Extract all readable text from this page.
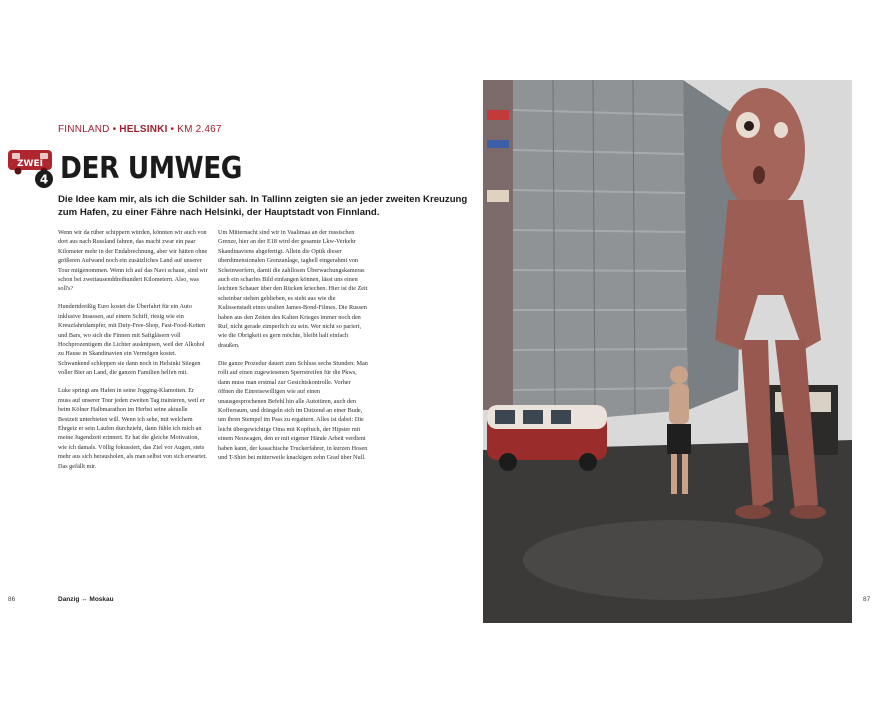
FINNLAND • HELSINKI • KM 2.467
ZWEI
4 DER UMWEG
Die Idee kam mir, als ich die Schilder sah. In Tallinn zeigten sie an jeder zweiten Kreuzung zum Hafen, zu einer Fähre nach Helsinki, der Hauptstadt von Finnland.

Wenn wir da rüber schippern würden, könnten wir auch von dort aus nach Russland fahren, das macht zwar ein paar Kilometer mehr in der Endabrechnung, aber wir hätten ohne größeren Aufwand noch ein zusätzliches Land auf unserer Tour mitgenommen. Wenn ich auf das Navi schaue, sind wir schon bei zweitausenddreihundert Kilometern. Also, was soll's?

Hundertdreißig Euro kostet die Überfahrt für ein Auto inklusive Insassen, auf einem Schiff, riesig wie ein Kreuzfahrtdampfer, mit Duty-Free-Shop, Fast-Food-Ketten und Bars, wo sich die Finnen mit Saftgläsern voll Hochprozentigem die Lichter ausknipsen, weil der Alkohol zu Hause in Skandinavien ein Vermögen kostet. Schwankend schleppen sie dann noch in Helsinki Stiegen voller Bier an Land, die ganzen Familien helfen mit.

Luke springt am Hafen in seine Jogging-Klamotten. Er muss auf unserer Tour jeden zweiten Tag trainieren, weil er beim Kölner Halbmarathon im Herbst seine aktuelle Bestzeit unterbieten will. Wenn ich sehe, mit welchem Ehrgeiz er sein Laufen durchzieht, dann fühle ich mich an meine Jugendzeit erinnert. Er hat die gleiche Motivation, wie ich damals. Völlig fokussiert, das Ziel vor Augen, stets mehr aus sich herausholen, als man selbst von sich erwartet. Das gefällt mir.

Um Mitternacht sind wir in Vaalimaa an der russischen Grenze, hier an der E18 wird der gesamte Lkw-Verkehr Skandinaviens abgefertigt. Allein die Optik dieser überdimensionalen Grenzanlage, taghell eingerahmt von Scheinwerfern, damit die zahllosen Überwachungskameras auch ein scharfes Bild einfangen können, lässt uns einen leichten Schauer über den Rücken kriechen. Hier ist die Zeit scheinbar stehen geblieben, es sieht aus wie die Kulissenstadt eines uralten James-Bond-Filmes. Die Russen haben aus den Zeiten des Kalten Krieges immer noch den Ruf, nicht gerade zimperlich zu sein. Wer nicht so pariert, wie die Obrigkeit es gern möchte, bleibt halt einfach draußen.

Die ganze Prozedur dauert zum Schluss sechs Stunden: Man rollt auf einen zugewiesenen Sperrstreifen für die Pkws, dann muss man erstmal zur Gesichtskontrolle. Vorher öffnen die Einreisewilligen wie auf einen unausgesprochenen Befehl hin alle Autotüren, auch den Kofferraum, und drängeln sich im Dutzend an einer Bude, um ihren Stempel im Pass zu ergattern. Alles ist dabei: Die leicht übergewichtige Oma mit Kopftuch, der Hipster mit einem Neuwagen, den er mit eigener Hände Arbeit verdient haben kann, der kasachische Truckerfahrer, in kurzen Hosen und T-Shirt bei mitterweile knackigen zehn Grad über Null.

86	Danzig ↔ Moskau	87
